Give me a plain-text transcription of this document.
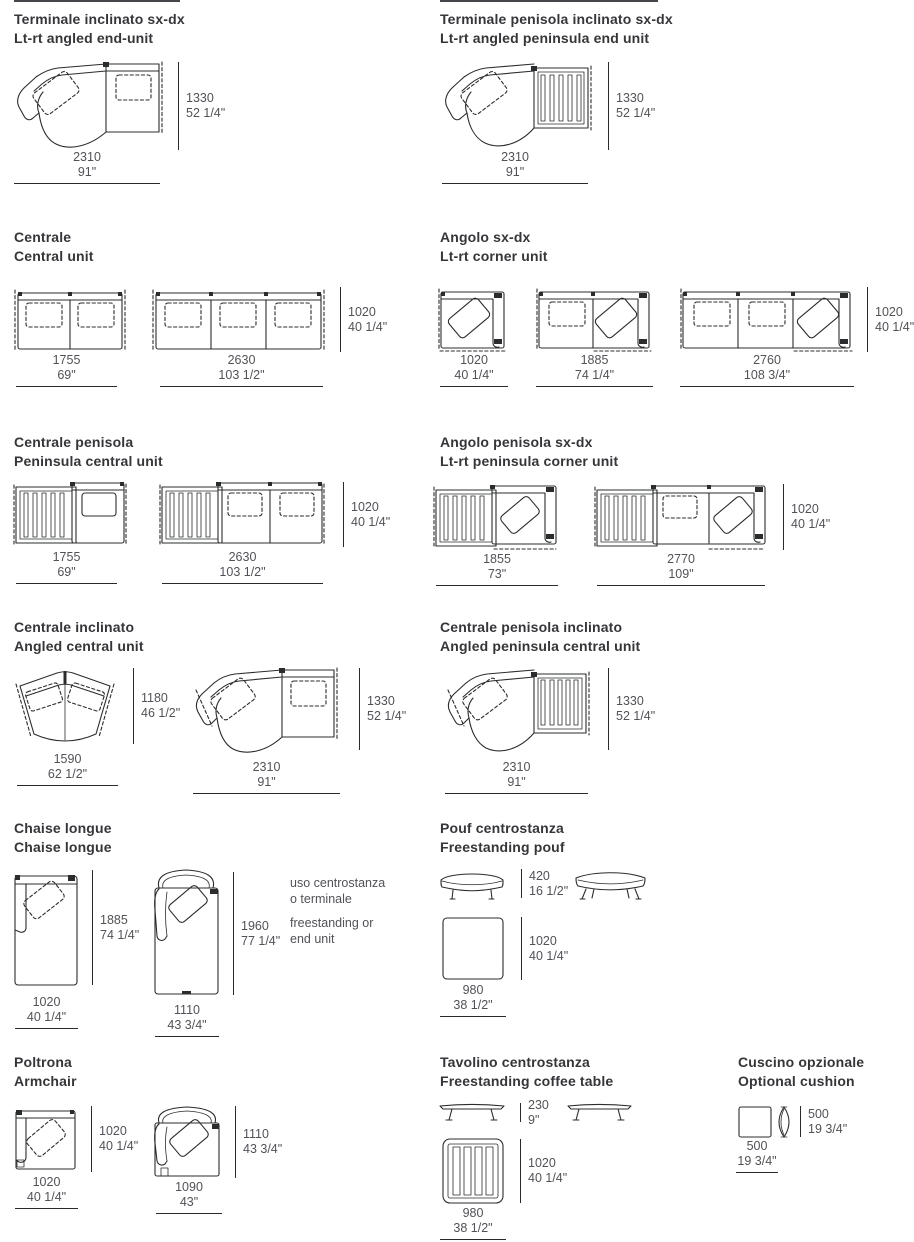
Terminale inclinato sx-dx
Lt-rt angled end-unit
1330
52 1/4"
2310
91"
Terminale penisola inclinato sx-dx
Lt-rt angled peninsula end unit
1330
52 1/4"
2310
91"
Centrale
Central unit
1755
69"
2630
103 1/2"
1020
40 1/4"
Angolo sx-dx
Lt-rt corner unit
1020
40 1/4"
1885
74 1/4"
2760
108 3/4"
1020
40 1/4"
Centrale penisola
Peninsula central unit
1755
69"
2630
103 1/2"
1020
40 1/4"
Angolo penisola sx-dx
Lt-rt peninsula corner unit
1855
73"
2770
109"
1020
40 1/4"
Centrale inclinato
Angled central unit
1180
46 1/2"
1590
62 1/2"
1330
52 1/4"
2310
91"
Centrale penisola inclinato
Angled peninsula central unit
1330
52 1/4"
2310
91"
Chaise longue
Chaise longue
1885
74 1/4"
1020
40 1/4"
1960
77 1/4"
1110
43 3/4"
uso centrostanza
o terminale
freestanding or
end unit
Pouf centrostanza
Freestanding pouf
420
16 1/2"
1020
40 1/4"
980
38 1/2"
Poltrona
Armchair
1020
40 1/4"
1020
40 1/4"
1110
43 3/4"
1090
43"
Tavolino centrostanza
Freestanding coffee table
230
9"
1020
40 1/4"
980
38 1/2"
Cuscino opzionale
Optional cushion
500
19 3/4"
500
19 3/4"
